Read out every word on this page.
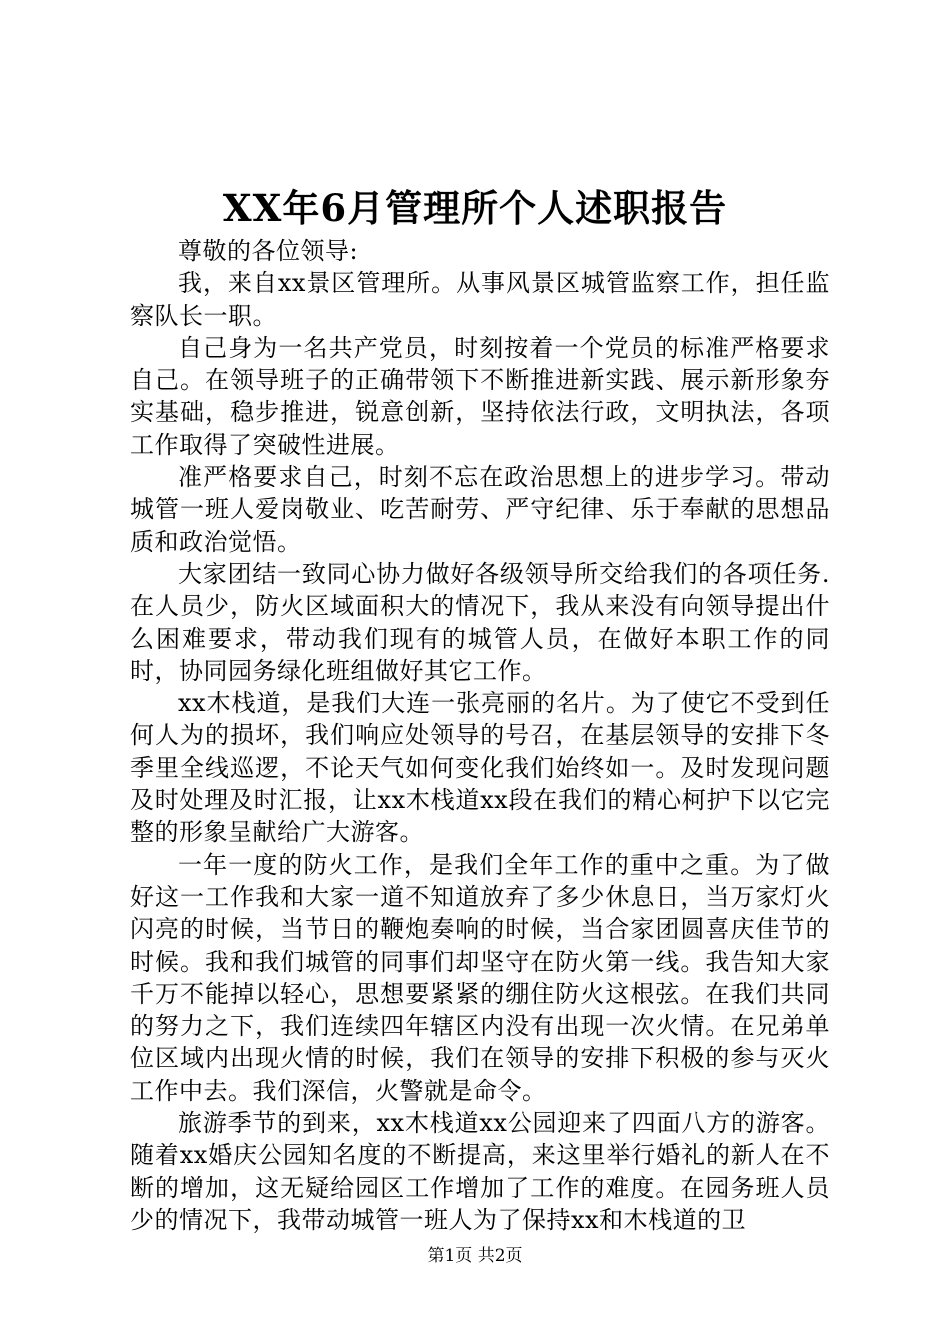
XX年6月管理所个人述职报告

尊敬的各位领导:

我，来自xx景区管理所。从事风景区城管监察工作，担任监察队长一职。

自己身为一名共产党员，时刻按着一个党员的标准严格要求自己。在领导班子的正确带领下不断推进新实践、展示新形象夯实基础，稳步推进，锐意创新，坚持依法行政，文明执法，各项工作取得了突破性进展。

准严格要求自己，时刻不忘在政治思想上的进步学习。带动城管一班人爱岗敬业、吃苦耐劳、严守纪律、乐于奉献的思想品质和政治觉悟。

大家团结一致同心协力做好各级领导所交给我们的各项任务.在人员少，防火区域面积大的情况下，我从来没有向领导提出什么困难要求，带动我们现有的城管人员，在做好本职工作的同时，协同园务绿化班组做好其它工作。

xx木栈道，是我们大连一张亮丽的名片。为了使它不受到任何人为的损坏，我们响应处领导的号召，在基层领导的安排下冬季里全线巡逻，不论天气如何变化我们始终如一。及时发现问题及时处理及时汇报，让xx木栈道xx段在我们的精心柯护下以它完整的形象呈献给广大游客。

一年一度的防火工作，是我们全年工作的重中之重。为了做好这一工作我和大家一道不知道放弃了多少休息日，当万家灯火闪亮的时候，当节日的鞭炮奏响的时候，当合家团圆喜庆佳节的时候。我和我们城管的同事们却坚守在防火第一线。我告知大家千万不能掉以轻心，思想要紧紧的绷住防火这根弦。在我们共同的努力之下，我们连续四年辖区内没有出现一次火情。在兄弟单位区域内出现火情的时候，我们在领导的安排下积极的参与灭火工作中去。我们深信，火警就是命令。

旅游季节的到来，xx木栈道xx公园迎来了四面八方的游客。随着xx婚庆公园知名度的不断提高，来这里举行婚礼的新人在不断的增加，这无疑给园区工作增加了工作的难度。在园务班人员少的情况下，我带动城管一班人为了保持xx和木栈道的卫

第1页 共2页
